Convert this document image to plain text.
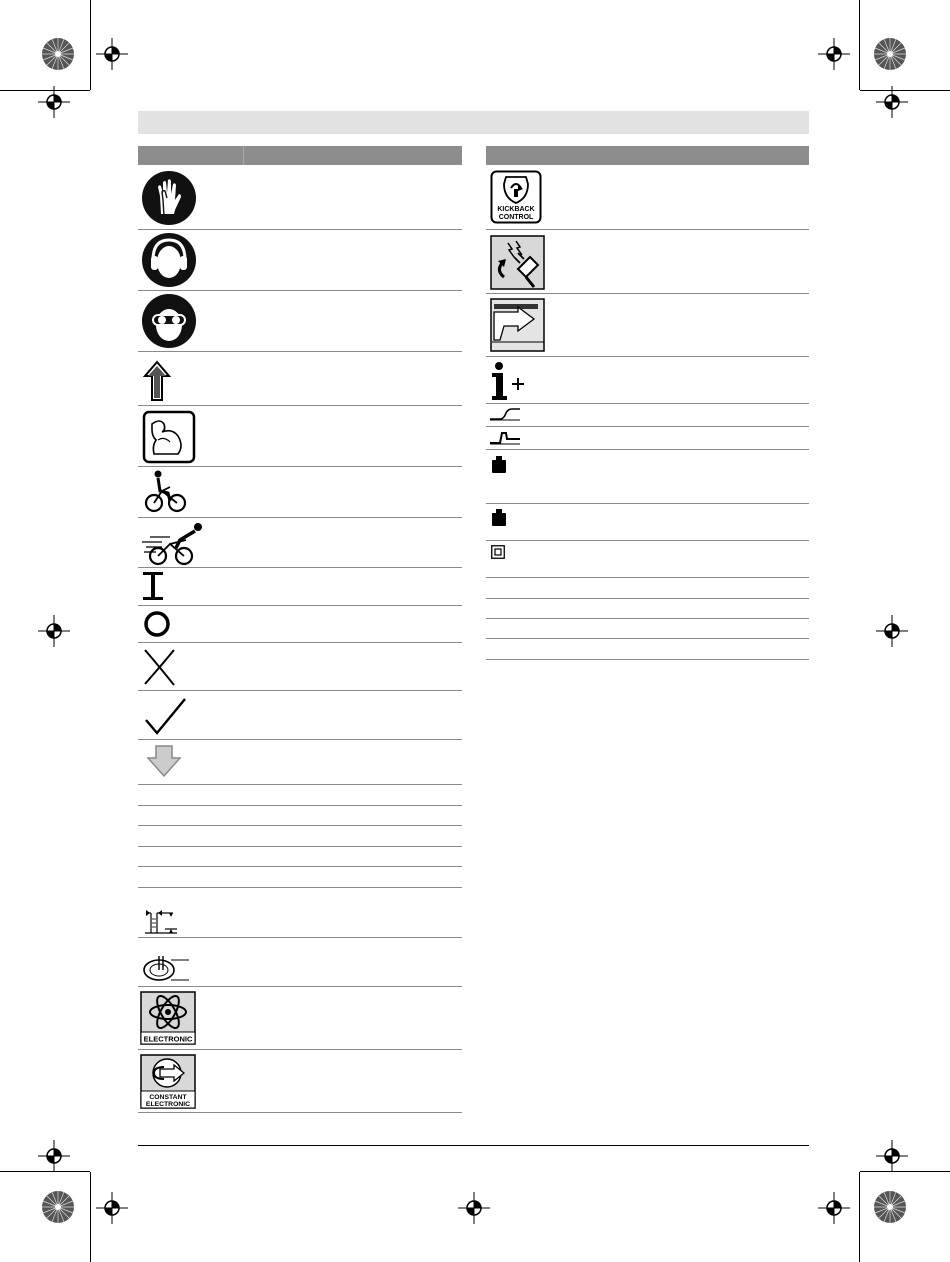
ELECTRONIC
CONSTANT
ELECTRONIC
KICKBACK
CONTROL
